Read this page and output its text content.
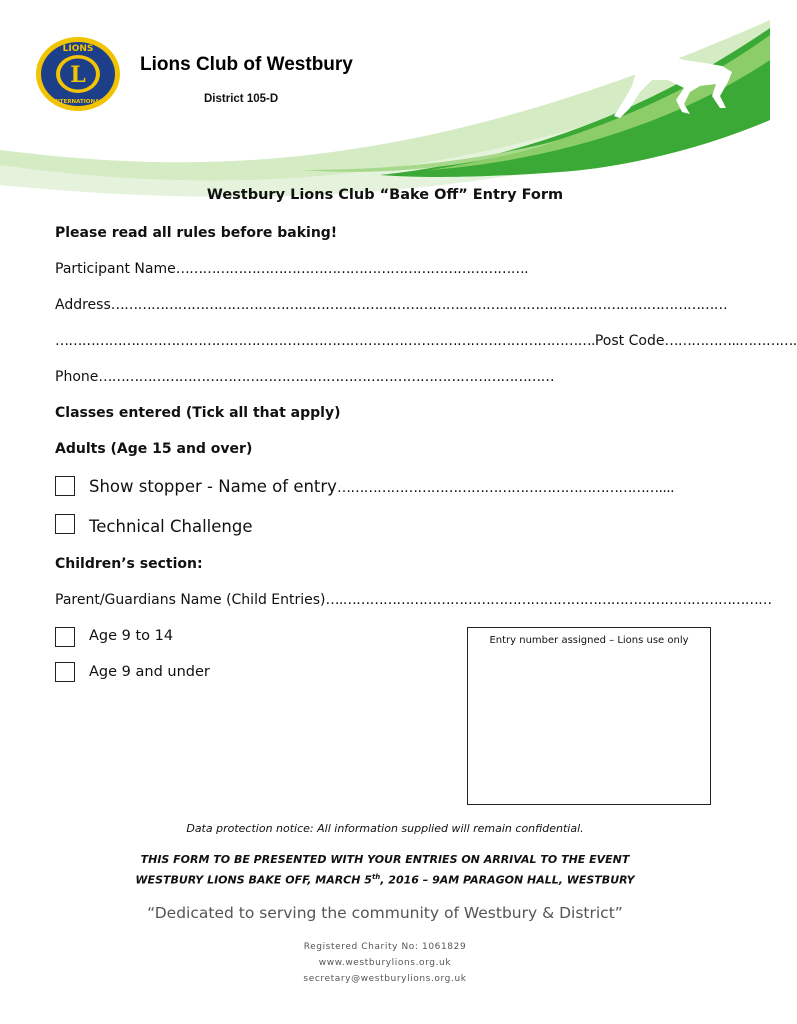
LIONS
L
INTERNATIONAL
Lions Club of Westbury
District 105-D
Westbury Lions Club “Bake Off” Entry Form
Please read all rules before baking!
Participant Name…………………………………………………………………….
Address…………………………………………………………………………………………………………………………
………………………………………………………………………………………………………….Post Code……………..………….
Phone…………………………………………………………………………………………
Classes entered (Tick all that apply)
Adults (Age 15 and over)
Show stopper - Name of entry………………………………………………………………....
Technical Challenge
Children’s section:
Parent/Guardians Name (Child Entries)….……………………………………………………………………………………
Age 9 to 14
Age 9 and under
Entry number assigned – Lions use only
Data protection notice: All information supplied will remain confidential.
THIS FORM TO BE PRESENTED WITH YOUR ENTRIES ON ARRIVAL TO THE EVENT
WESTBURY LIONS BAKE OFF, MARCH 5th, 2016 – 9AM PARAGON HALL, WESTBURY
“Dedicated to serving the community of Westbury & District”
Registered Charity No: 1061829
www.westburylions.org.uk
secretary@westburylions.org.uk
